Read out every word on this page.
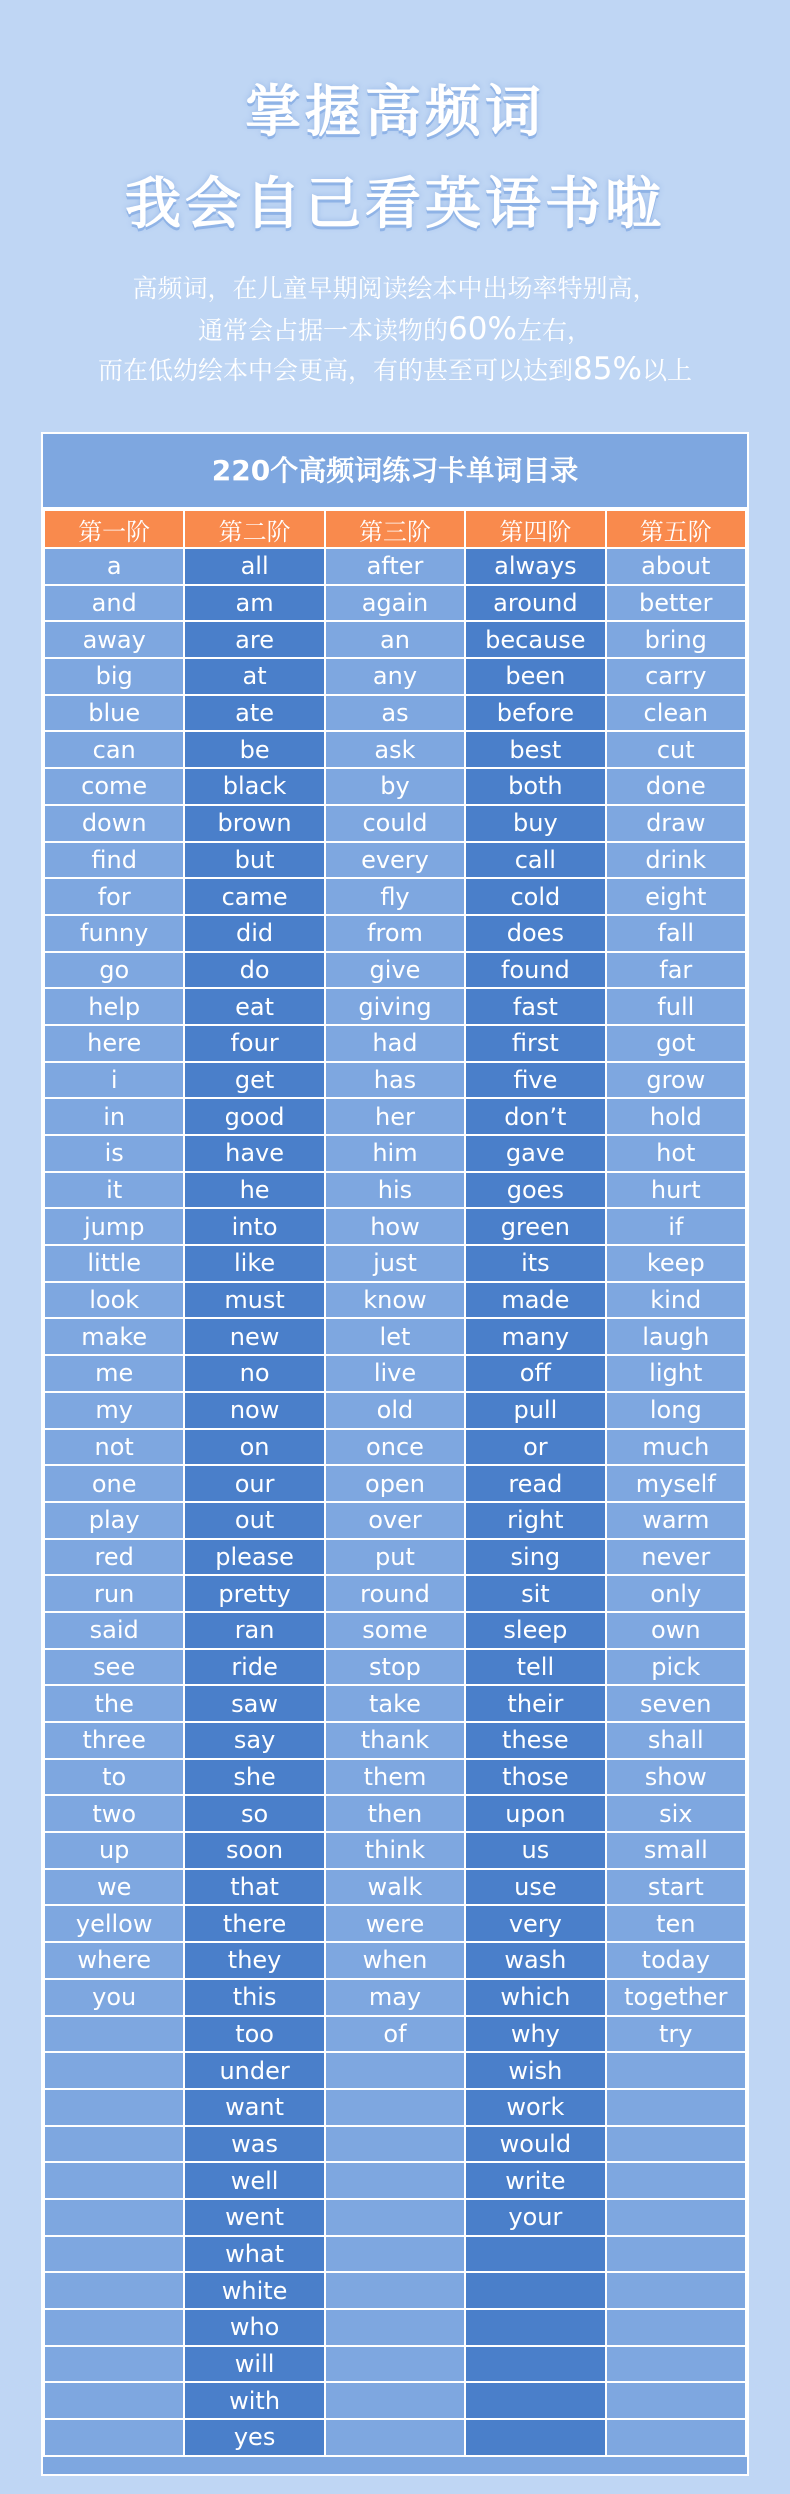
掌握高频词
我会自己看英语书啦
高频词，在儿童早期阅读绘本中出场率特别高，
通常会占据一本读物的60%左右，
而在低幼绘本中会更高，有的甚至可以达到85%以上
220个高频词练习卡单词目录
第一阶	第二阶	第三阶	第四阶	第五阶
a	all	after	always	about
and	am	again	around	better
away	are	an	because	bring
big	at	any	been	carry
blue	ate	as	before	clean
can	be	ask	best	cut
come	black	by	both	done
down	brown	could	buy	draw
find	but	every	call	drink
for	came	fly	cold	eight
funny	did	from	does	fall
go	do	give	found	far
help	eat	giving	fast	full
here	four	had	first	got
i	get	has	five	grow
in	good	her	don’t	hold
is	have	him	gave	hot
it	he	his	goes	hurt
jump	into	how	green	if
little	like	just	its	keep
look	must	know	made	kind
make	new	let	many	laugh
me	no	live	off	light
my	now	old	pull	long
not	on	once	or	much
one	our	open	read	myself
play	out	over	right	warm
red	please	put	sing	never
run	pretty	round	sit	only
said	ran	some	sleep	own
see	ride	stop	tell	pick
the	saw	take	their	seven
three	say	thank	these	shall
to	she	them	those	show
two	so	then	upon	six
up	soon	think	us	small
we	that	walk	use	start
yellow	there	were	very	ten
where	they	when	wash	today
you	this	may	which	together
	too	of	why	try
	under		wish	
	want		work	
	was		would	
	well		write	
	went		your	
	what			
	white			
	who			
	will			
	with			
	yes			
